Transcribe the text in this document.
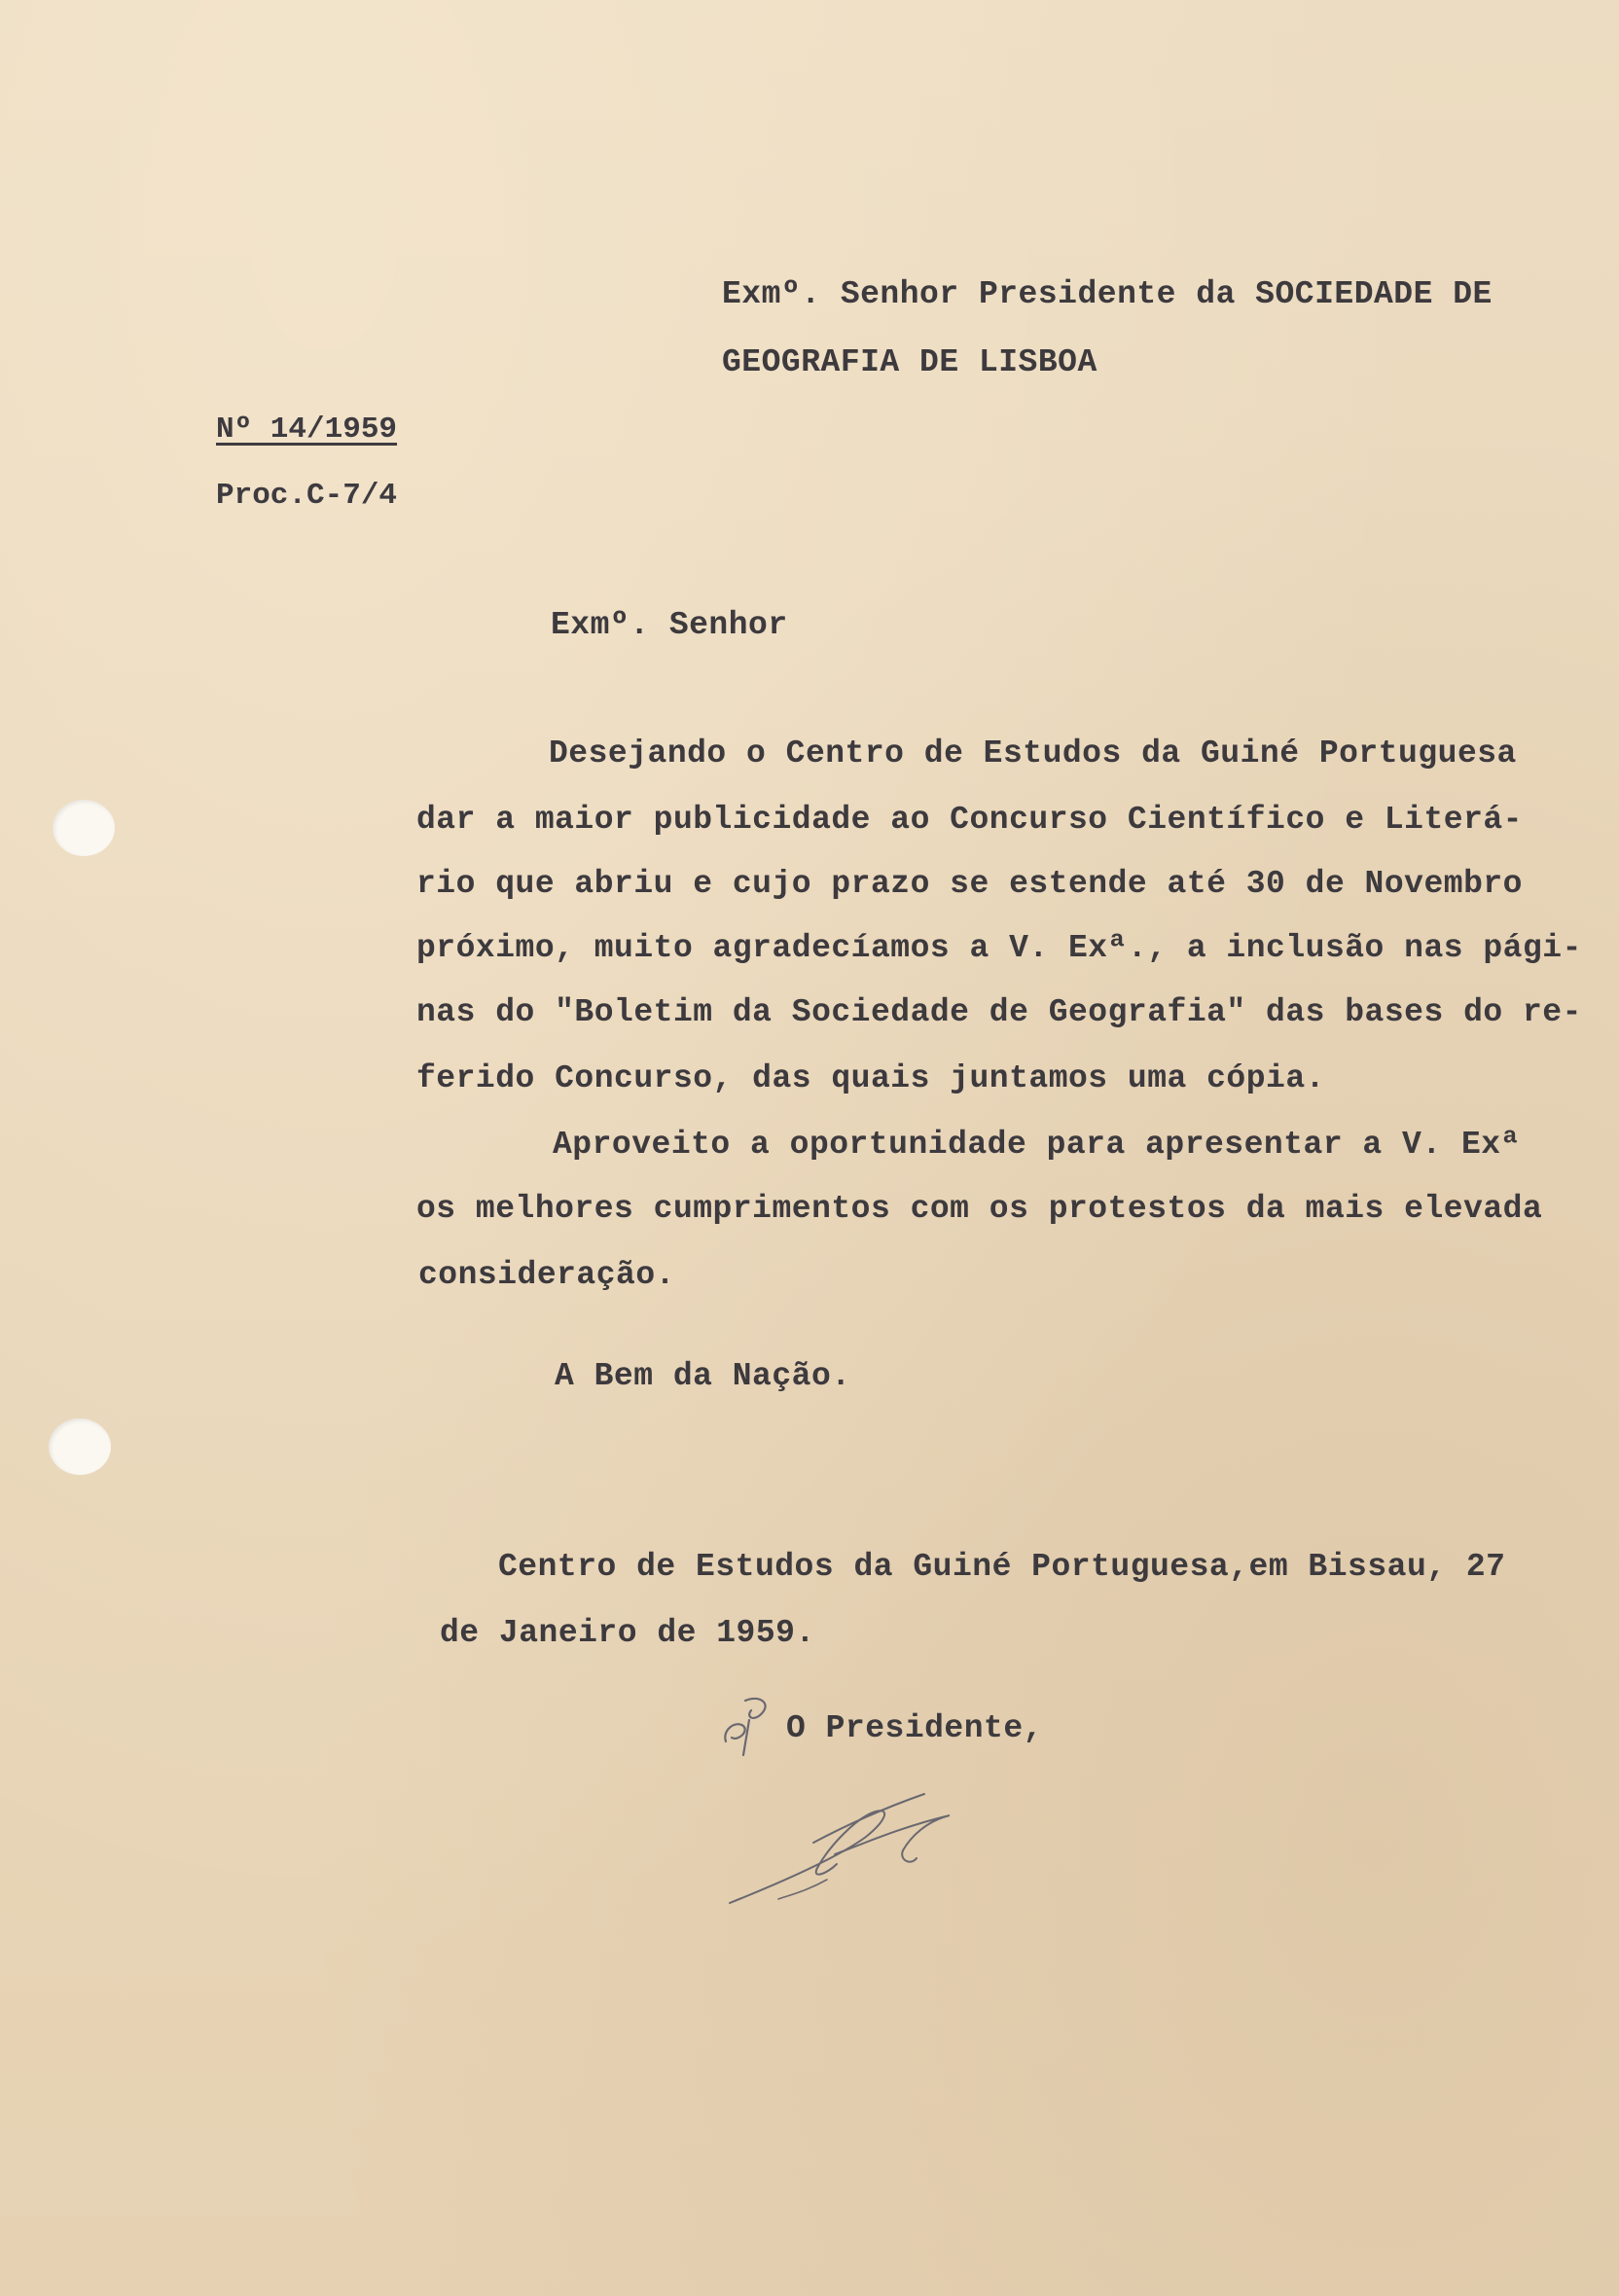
Exmº. Senhor Presidente da SOCIEDADE DE
GEOGRAFIA DE LISBOA
Nº 14/1959
Proc.C-7/4
Exmº. Senhor
Desejando o Centro de Estudos da Guiné Portuguesa
dar a maior publicidade ao Concurso Científico e Literá-
rio que abriu e cujo prazo se estende até 30 de Novembro
próximo, muito agradecíamos a V. Exª., a inclusão nas pági-
nas do "Boletim da Sociedade de Geografia" das bases do re-
ferido Concurso, das quais juntamos uma cópia.
Aproveito a oportunidade para apresentar a V. Exª
os melhores cumprimentos com os protestos da mais elevada
consideração.
A Bem da Nação.
Centro de Estudos da Guiné Portuguesa,em Bissau, 27
de Janeiro de 1959.
O Presidente,
